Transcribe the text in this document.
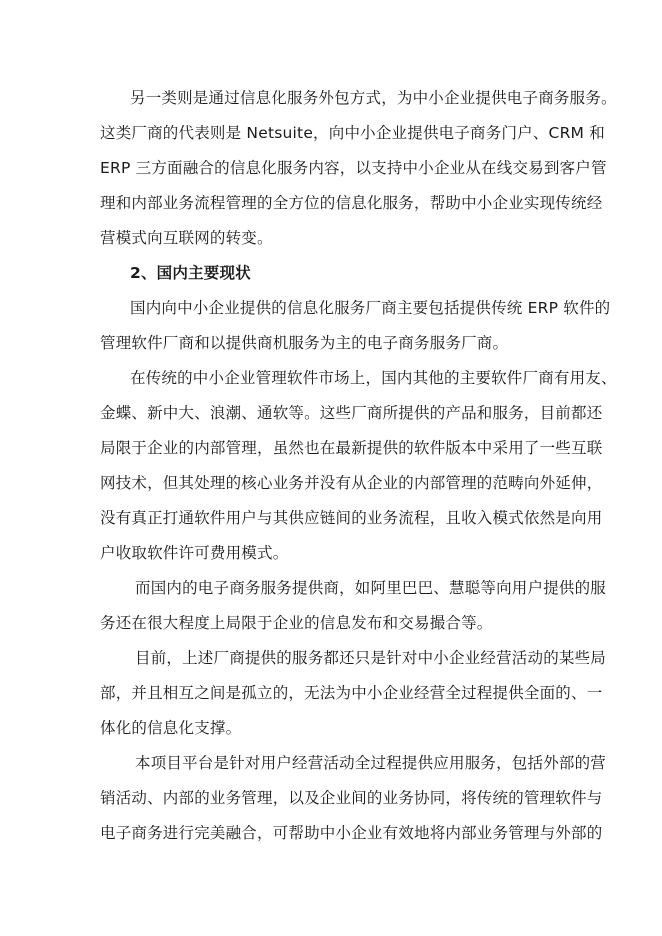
另一类则是通过信息化服务外包方式，为中小企业提供电子商务服务。
这类厂商的代表则是 Netsuite，向中小企业提供电子商务门户、CRM 和
ERP 三方面融合的信息化服务内容，以支持中小企业从在线交易到客户管
理和内部业务流程管理的全方位的信息化服务，帮助中小企业实现传统经
营模式向互联网的转变。
2、国内主要现状
国内向中小企业提供的信息化服务厂商主要包括提供传统 ERP 软件的
管理软件厂商和以提供商机服务为主的电子商务服务厂商。
在传统的中小企业管理软件市场上，国内其他的主要软件厂商有用友、
金蝶、新中大、浪潮、通软等。这些厂商所提供的产品和服务，目前都还
局限于企业的内部管理，虽然也在最新提供的软件版本中采用了一些互联
网技术，但其处理的核心业务并没有从企业的内部管理的范畴向外延伸，
没有真正打通软件用户与其供应链间的业务流程，且收入模式依然是向用
户收取软件许可费用模式。
而国内的电子商务服务提供商，如阿里巴巴、慧聪等向用户提供的服
务还在很大程度上局限于企业的信息发布和交易撮合等。
目前，上述厂商提供的服务都还只是针对中小企业经营活动的某些局
部，并且相互之间是孤立的，无法为中小企业经营全过程提供全面的、一
体化的信息化支撑。
本项目平台是针对用户经营活动全过程提供应用服务，包括外部的营
销活动、内部的业务管理，以及企业间的业务协同，将传统的管理软件与
电子商务进行完美融合，可帮助中小企业有效地将内部业务管理与外部的
